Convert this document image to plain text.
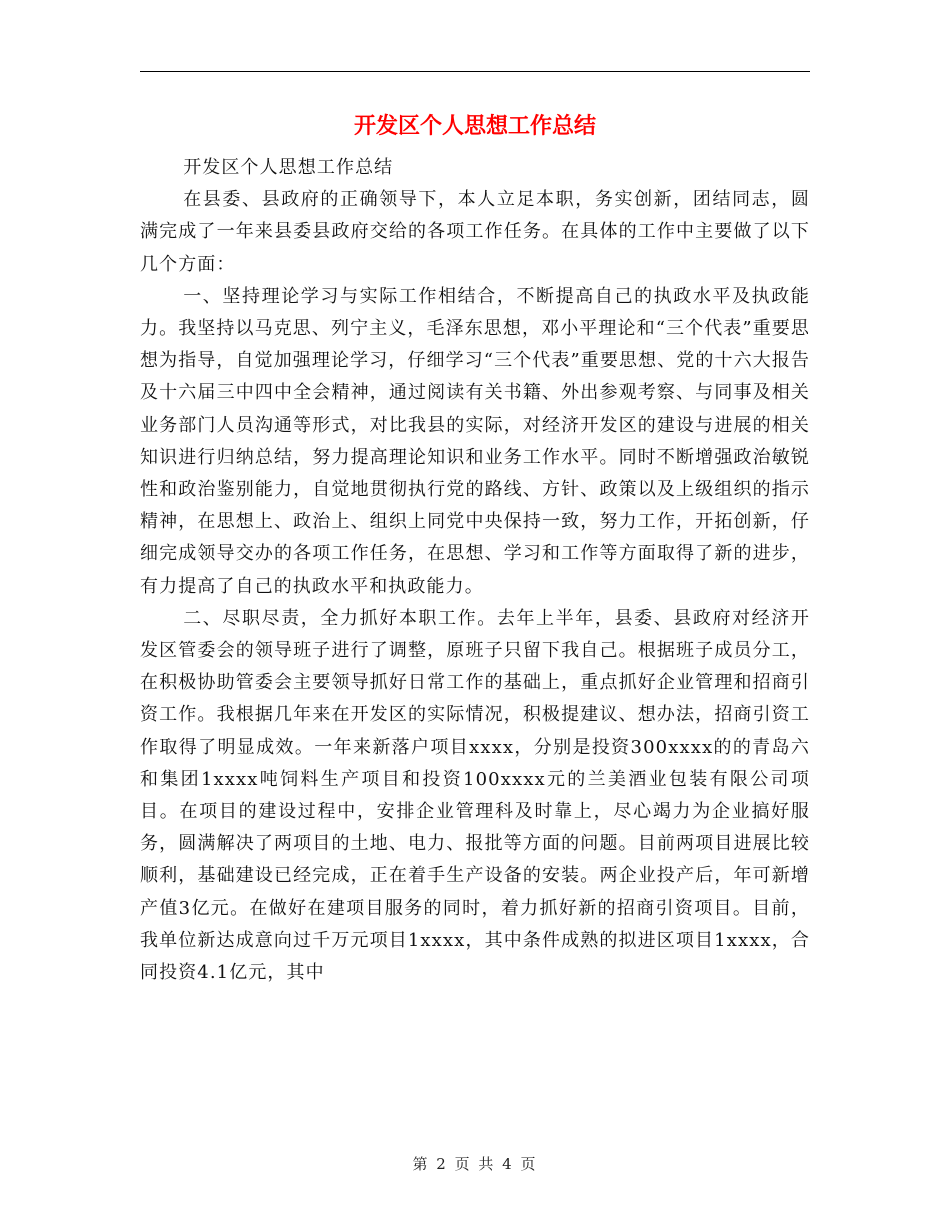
开发区个人思想工作总结

开发区个人思想工作总结

在县委、县政府的正确领导下，本人立足本职，务实创新，团结同志，圆满完成了一年来县委县政府交给的各项工作任务。在具体的工作中主要做了以下几个方面：

一、坚持理论学习与实际工作相结合，不断提高自己的执政水平及执政能力。我坚持以马克思、列宁主义，毛泽东思想，邓小平理论和“三个代表”重要思想为指导，自觉加强理论学习，仔细学习“三个代表”重要思想、党的十六大报告及十六届三中四中全会精神，通过阅读有关书籍、外出参观考察、与同事及相关业务部门人员沟通等形式，对比我县的实际，对经济开发区的建设与进展的相关知识进行归纳总结，努力提高理论知识和业务工作水平。同时不断增强政治敏锐性和政治鉴别能力，自觉地贯彻执行党的路线、方针、政策以及上级组织的指示精神，在思想上、政治上、组织上同党中央保持一致，努力工作，开拓创新，仔细完成领导交办的各项工作任务，在思想、学习和工作等方面取得了新的进步，有力提高了自己的执政水平和执政能力。

二、尽职尽责，全力抓好本职工作。去年上半年，县委、县政府对经济开发区管委会的领导班子进行了调整，原班子只留下我自己。根据班子成员分工，在积极协助管委会主要领导抓好日常工作的基础上，重点抓好企业管理和招商引资工作。我根据几年来在开发区的实际情况，积极提建议、想办法，招商引资工作取得了明显成效。一年来新落户项目xxxx，分别是投资300xxxx的的青岛六和集团1xxxx吨饲料生产项目和投资100xxxx元的兰美酒业包装有限公司项目。在项目的建设过程中，安排企业管理科及时靠上，尽心竭力为企业搞好服务，圆满解决了两项目的土地、电力、报批等方面的问题。目前两项目进展比较顺利，基础建设已经完成，正在着手生产设备的安装。两企业投产后，年可新增产值3亿元。在做好在建项目服务的同时，着力抓好新的招商引资项目。目前，我单位新达成意向过千万元项目1xxxx，其中条件成熟的拟进区项目1xxxx，合同投资4.1亿元，其中

第 2 页 共 4 页
